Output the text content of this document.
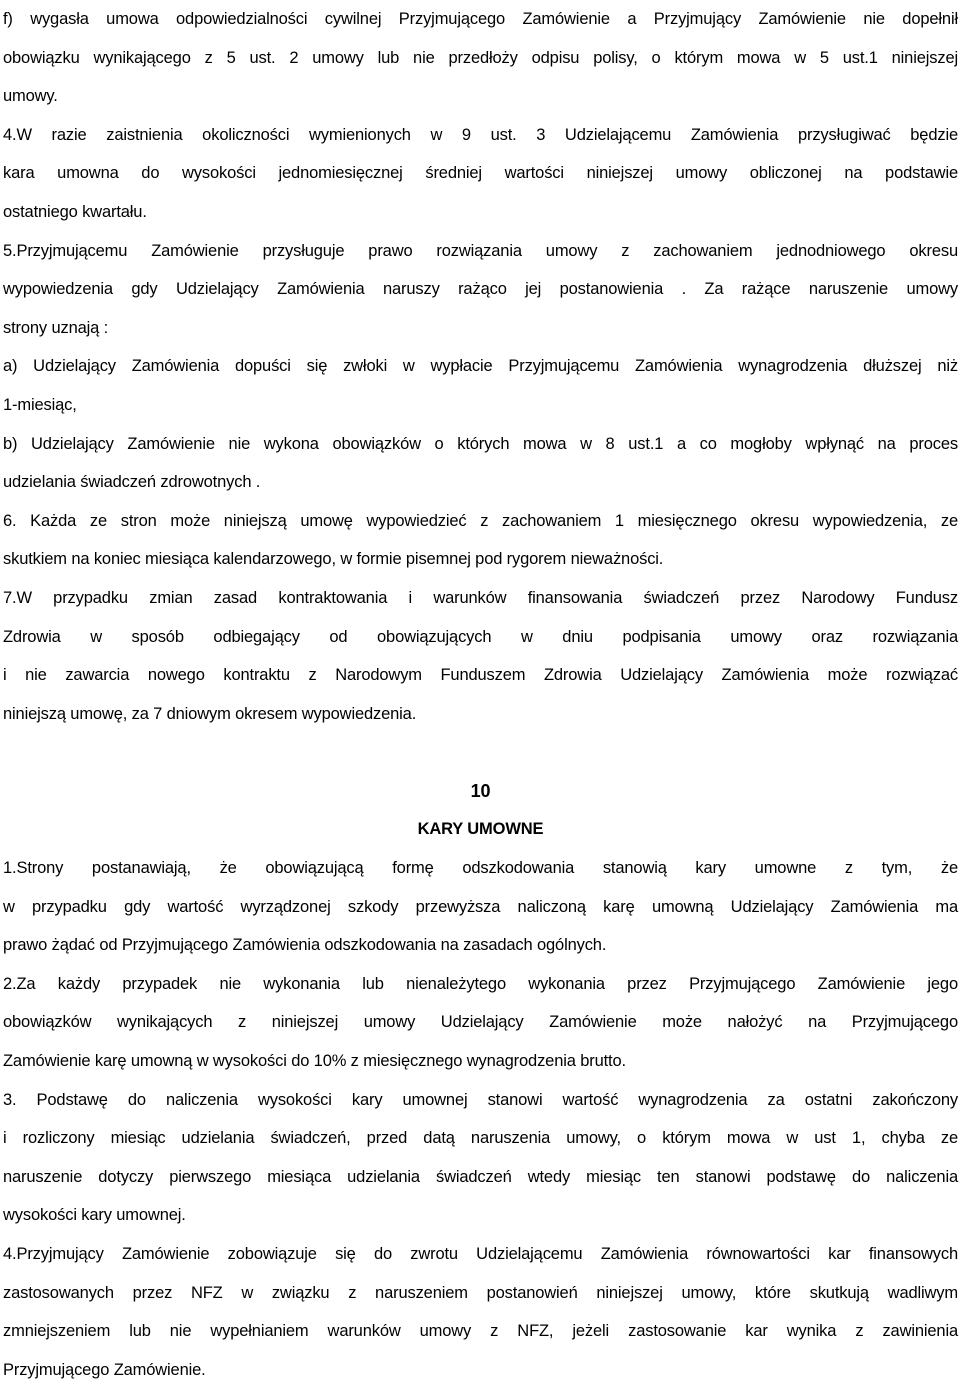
f) wygasła umowa odpowiedzialności cywilnej Przyjmującego Zamówienie a Przyjmujący Zamówienie nie dopełnił
obowiązku wynikającego z 5 ust. 2 umowy lub nie przedłoży odpisu polisy, o którym mowa w 5 ust.1 niniejszej
umowy.
4.W razie zaistnienia okoliczności wymienionych w 9 ust. 3 Udzielającemu Zamówienia przysługiwać będzie
kara umowna do wysokości jednomiesięcznej średniej wartości niniejszej umowy obliczonej na podstawie
ostatniego kwartału.
5.Przyjmującemu Zamówienie przysługuje prawo rozwiązania umowy z zachowaniem jednodniowego okresu
wypowiedzenia gdy Udzielający Zamówienia naruszy rażąco jej postanowienia . Za rażące naruszenie umowy
strony uznają :
a) Udzielający Zamówienia dopuści się zwłoki w wypłacie Przyjmującemu Zamówienia wynagrodzenia dłuższej niż
1-miesiąc,
b) Udzielający Zamówienie nie wykona obowiązków o których mowa w 8 ust.1 a co mogłoby wpłynąć na proces
udzielania świadczeń zdrowotnych .
6. Każda ze stron może niniejszą umowę wypowiedzieć z zachowaniem 1 miesięcznego okresu wypowiedzenia, ze
skutkiem na koniec miesiąca kalendarzowego, w formie pisemnej pod rygorem nieważności.
7.W przypadku zmian zasad kontraktowania i warunków finansowania świadczeń przez Narodowy Fundusz
Zdrowia w sposób odbiegający od obowiązujących w dniu podpisania umowy oraz rozwiązania
i nie zawarcia nowego kontraktu z Narodowym Funduszem Zdrowia Udzielający Zamówienia może rozwiązać
niniejszą umowę, za 7 dniowym okresem wypowiedzenia.
10
KARY UMOWNE
1.Strony postanawiają, że obowiązującą formę odszkodowania stanowią kary umowne z tym, że
w przypadku gdy wartość wyrządzonej szkody przewyższa naliczoną karę umowną Udzielający Zamówienia ma
prawo żądać od Przyjmującego Zamówienia odszkodowania na zasadach ogólnych.
2.Za każdy przypadek nie wykonania lub nienależytego wykonania przez Przyjmującego Zamówienie jego
obowiązków wynikających z niniejszej umowy Udzielający Zamówienie może nałożyć na Przyjmującego
Zamówienie karę umowną w wysokości do 10% z miesięcznego wynagrodzenia brutto.
3. Podstawę do naliczenia wysokości kary umownej stanowi wartość wynagrodzenia za ostatni zakończony
i rozliczony miesiąc udzielania świadczeń, przed datą naruszenia umowy, o którym mowa w ust 1, chyba ze
naruszenie dotyczy pierwszego miesiąca udzielania świadczeń wtedy miesiąc ten stanowi podstawę do naliczenia
wysokości kary umownej.
4.Przyjmujący Zamówienie zobowiązuje się do zwrotu Udzielającemu Zamówienia równowartości kar finansowych
zastosowanych przez NFZ w związku z naruszeniem postanowień niniejszej umowy, które skutkują wadliwym
zmniejszeniem lub nie wypełnianiem warunków umowy z NFZ, jeżeli zastosowanie kar wynika z zawinienia
Przyjmującego Zamówienie.
